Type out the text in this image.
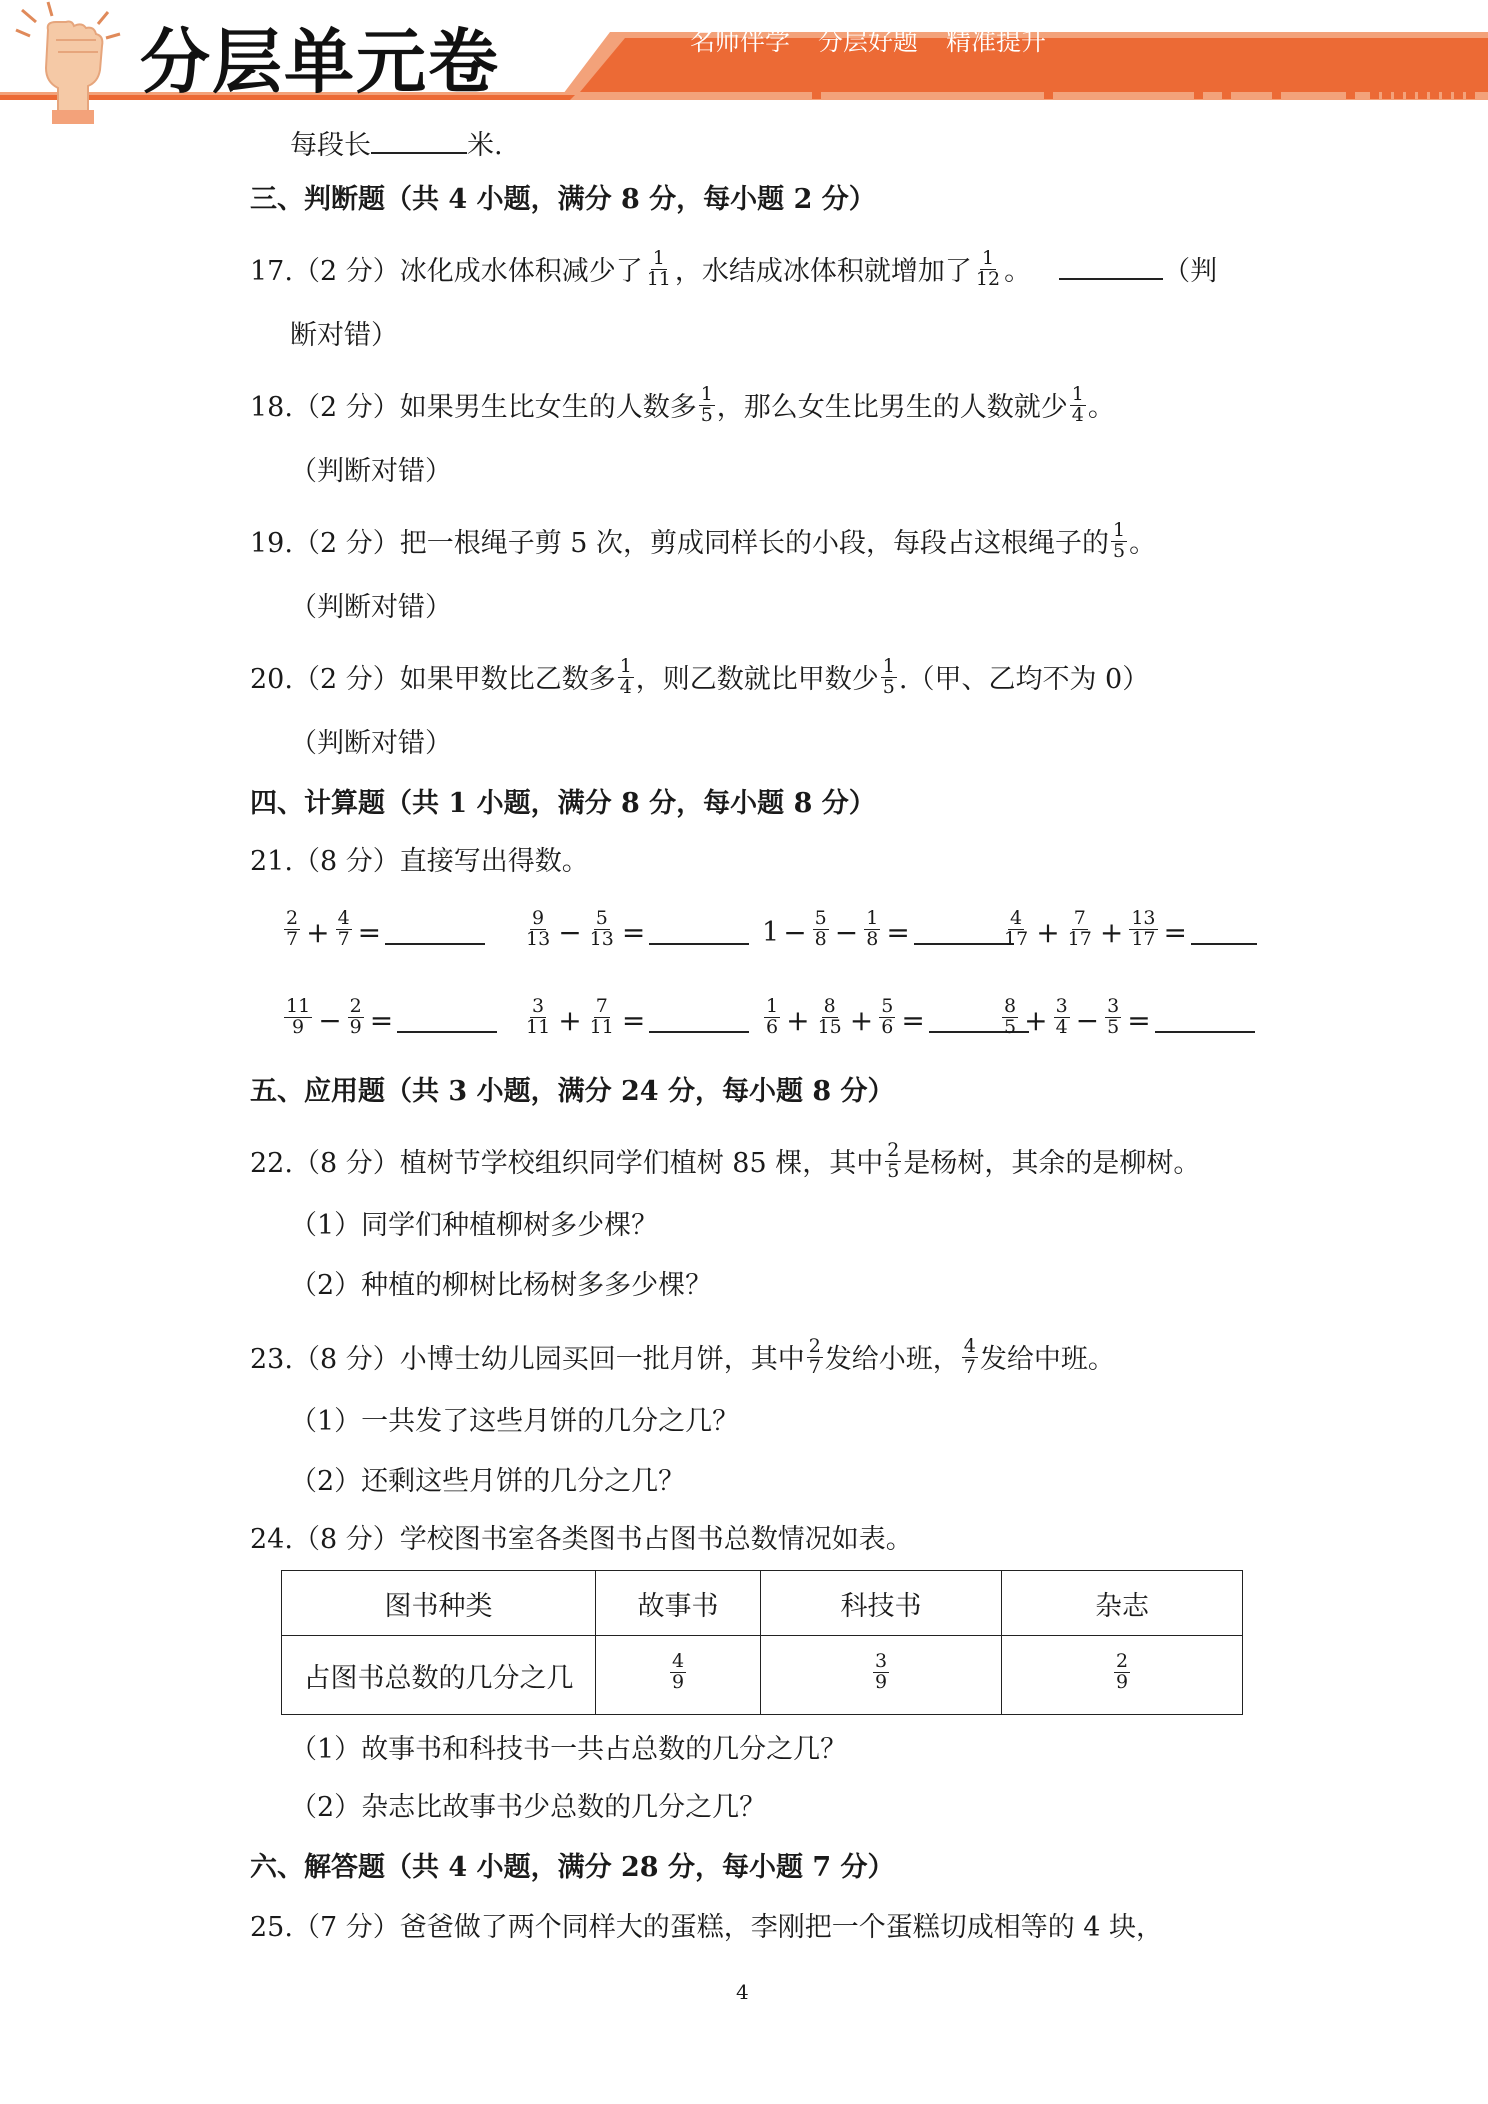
分层单元卷	名师伴学 分层好题 精准提升
每段长	米.
三、判断题（共 4 小题，满分 8 分，每小题 2 分）
17.（2 分）冰化成水体积减少了 $\frac{1}{11}$ ，水结成冰体积就增加了 $\frac{1}{12}$ 。	（判
断对错）
18.（2 分）如果男生比女生的人数多 $\frac{1}{5}$ ，那么女生比男生的人数就少 $\frac{1}{4}$ 。
（判断对错）
19.（2 分）把一根绳子剪 5 次，剪成同样长的小段，每段占这根绳子的 $\frac{1}{5}$ 。
（判断对错）
20.（2 分）如果甲数比乙数多 $\frac{1}{4}$ ，则乙数就比甲数少 $\frac{1}{5}$ .（甲、乙均不为 0）
（判断对错）
四、计算题（共 1 小题，满分 8 分，每小题 8 分）
21.（8 分）直接写出得数。
$\frac{2}{7} + \frac{4}{7}$ =	$\frac{9}{13} - \frac{5}{13}$ =	$1 - \frac{5}{8} - \frac{1}{8}$ =	$\frac{4}{17} + \frac{7}{17} + \frac{13}{17}$ =
$\frac{11}{9} - \frac{2}{9}$ =	$\frac{3}{11} + \frac{7}{11}$ =	$\frac{1}{6} + \frac{8}{15} + \frac{5}{6}$ =	$\frac{8}{5} + \frac{3}{4} - \frac{3}{5}$ =
五、应用题（共 3 小题，满分 24 分，每小题 8 分）
22.（8 分）植树节学校组织同学们植树 85 棵，其中 $\frac{2}{5}$ 是杨树，其余的是柳树。
（1）同学们种植柳树多少棵？
（2）种植的柳树比杨树多多少棵？
23.（8 分）小博士幼儿园买回一批月饼，其中 $\frac{2}{7}$ 发给小班， $\frac{4}{7}$ 发给中班。
（1）一共发了这些月饼的几分之几？
（2）还剩这些月饼的几分之几？
24.（8 分）学校图书室各类图书占图书总数情况如表。
图书种类	故事书	科技书	杂志
占图书总数的几分之几	$\frac{4}{9}$	$\frac{3}{9}$	$\frac{2}{9}$
（1）故事书和科技书一共占总数的几分之几？
（2）杂志比故事书少总数的几分之几？
六、解答题（共 4 小题，满分 28 分，每小题 7 分）
25.（7 分）爸爸做了两个同样大的蛋糕，李刚把一个蛋糕切成相等的 4 块，
4
